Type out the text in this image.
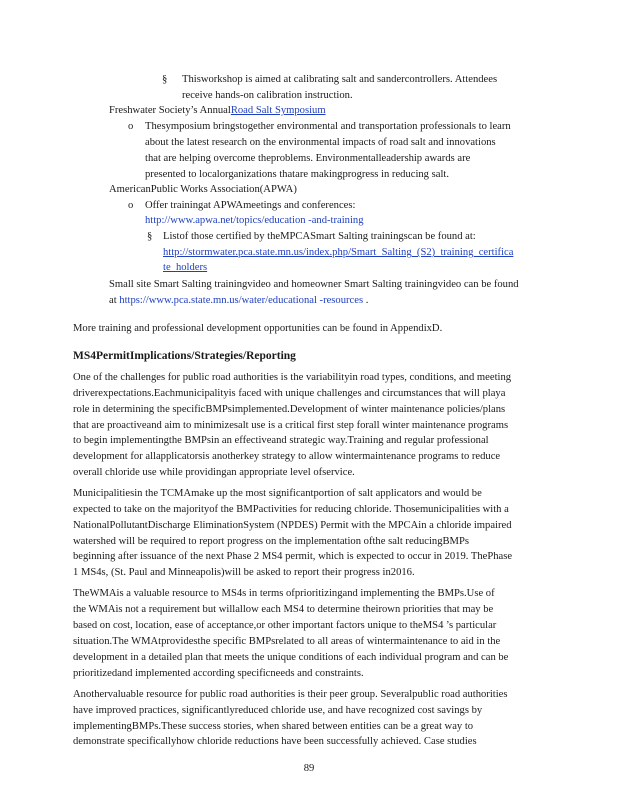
§ Thisworkshop is aimed at calibrating salt and sandercontrollers. Attendees
receive hands-on calibration instruction.
Freshwater Society’s AnnualRoad Salt Symposium
o Thesymposium bringstogether environmental and transportation professionals to learn
about the latest research on the environmental impacts of road salt and innovations
that are helping overcome theproblems. Environmentalleadership awards are
presented to localorganizations thatare makingprogress in reducing salt.
AmericanPublic Works Association(APWA)
o Offer trainingat APWAmeetings and conferences:
http://www.apwa.net/topics/education -and-training
§ Listof those certified by theMPCASmart Salting trainingscan be found at:
http://stormwater.pca.state.mn.us/index.php/Smart_Salting_(S2)_training_certifica
te_holders
Small site Smart Salting trainingvideo and homeowner Smart Salting trainingvideo can be found
at https://www.pca.state.mn.us/water/educational -resources .
More training and professional development opportunities can be found in AppendixD.
MS4PermitImplications/Strategies/Reporting
One of the challenges for public road authorities is the variabilityin road types, conditions, and meeting
driverexpectations.Eachmunicipalityis faced with unique challenges and circumstances that will playa
role in determining the specificBMPsimplemented.Development of winter maintenance policies/plans
that are proactiveand aim to minimizesalt use is a critical first step forall winter maintenance programs
to begin implementingthe BMPsin an effectiveand strategic way.Training and regular professional
development for allapplicatorsis anotherkey strategy to allow wintermaintenance programs to reduce
overall chloride use while providingan appropriate level ofservice.
Municipalitiesin the TCMAmake up the most significantportion of salt applicators and would be
expected to take on the majorityof the BMPactivities for reducing chloride. Thosemunicipalities with a
NationalPollutantDischarge EliminationSystem (NPDES) Permit with the MPCAin a chloride impaired
watershed will be required to report progress on the implementation ofthe salt reducingBMPs
beginning after issuance of the next Phase 2 MS4 permit, which is expected to occur in 2019. ThePhase
1 MS4s, (St. Paul and Minneapolis)will be asked to report their progress in2016.
TheWMAis a valuable resource to MS4s in terms ofprioritizingand implementing the BMPs.Use of
the WMAis not a requirement but willallow each MS4 to determine theirown priorities that may be
based on cost, location, ease of acceptance,or other important factors unique to theMS4 ’s particular
situation.The WMAtprovidesthe specific BMPsrelated to all areas of wintermaintenance to aid in the
development in a detailed plan that meets the unique conditions of each individual program and can be
prioritizedand implemented according specificneeds and constraints.
Anothervaluable resource for public road authorities is their peer group. Severalpublic road authorities
have improved practices, significantlyreduced chloride use, and have recognized cost savings by
implementingBMPs.These success stories, when shared between entities can be a great way to
demonstrate specificallyhow chloride reductions have been successfully achieved. Case studies
89
